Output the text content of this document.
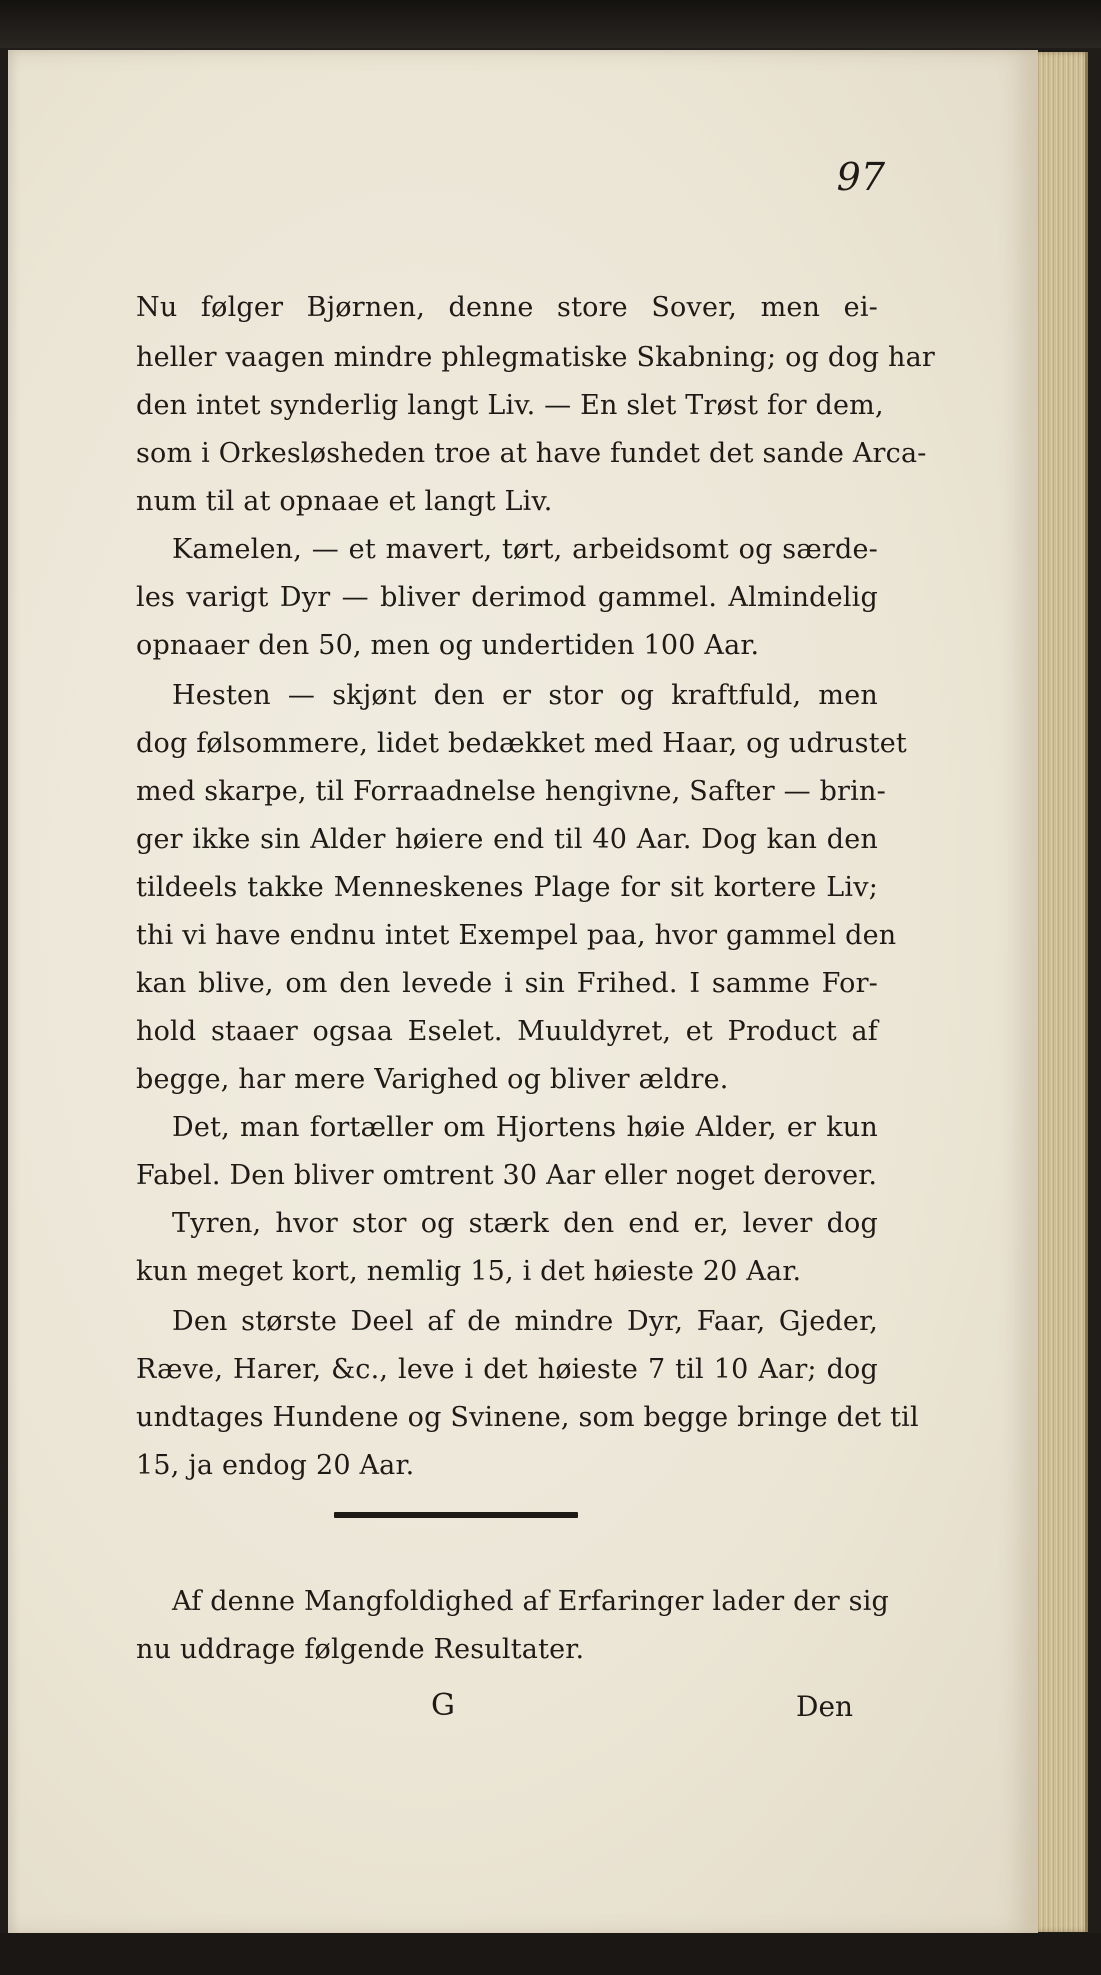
97
Nu følger Bjørnen, denne store Sover, men ei-
heller vaagen mindre phlegmatiske Skabning; og dog har
den intet synderlig langt Liv. — En slet Trøst for dem,
som i Orkesløsheden troe at have fundet det sande Arca-
num til at opnaae et langt Liv.
Kamelen, — et mavert, tørt, arbeidsomt og særde-
les varigt Dyr — bliver derimod gammel. Almindelig
opnaaer den 50, men og undertiden 100 Aar.
Hesten — skjønt den er stor og kraftfuld, men
dog følsommere, lidet bedækket med Haar, og udrustet
med skarpe, til Forraadnelse hengivne, Safter — brin-
ger ikke sin Alder høiere end til 40 Aar. Dog kan den
tildeels takke Menneskenes Plage for sit kortere Liv;
thi vi have endnu intet Exempel paa, hvor gammel den
kan blive, om den levede i sin Frihed. I samme For-
hold staaer ogsaa Eselet. Muuldyret, et Product af
begge, har mere Varighed og bliver ældre.
Det, man fortæller om Hjortens høie Alder, er kun
Fabel. Den bliver omtrent 30 Aar eller noget derover.
Tyren, hvor stor og stærk den end er, lever dog
kun meget kort, nemlig 15, i det høieste 20 Aar.
Den største Deel af de mindre Dyr, Faar, Gjeder,
Ræve, Harer, &c., leve i det høieste 7 til 10 Aar; dog
undtages Hundene og Svinene, som begge bringe det til
15, ja endog 20 Aar.
Af denne Mangfoldighed af Erfaringer lader der sig
nu uddrage følgende Resultater.
G	Den
